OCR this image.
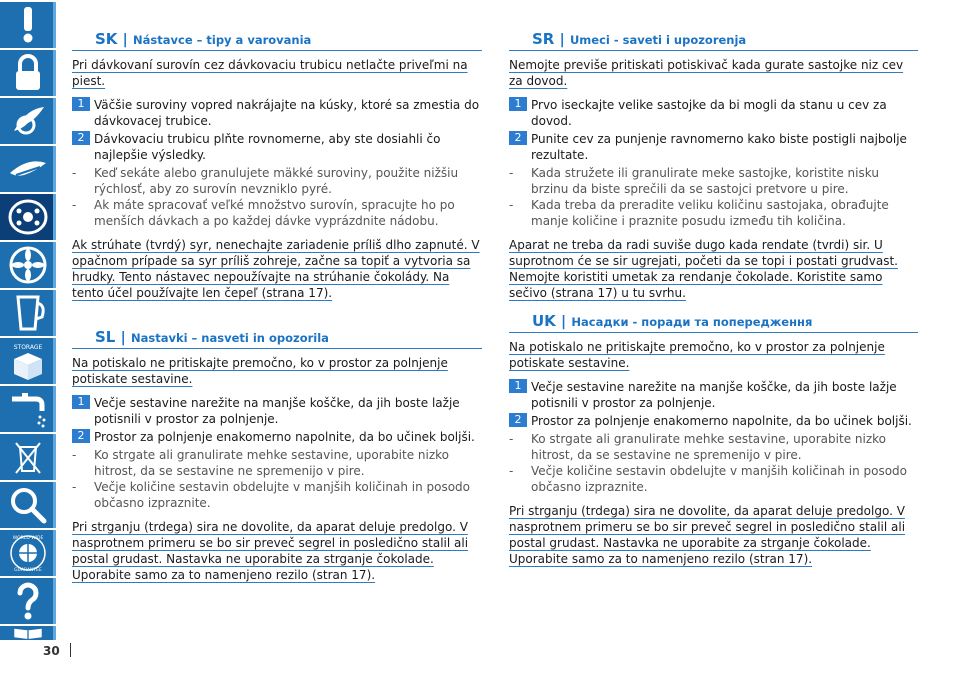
STORAGE
WORLD-WIDE
GUARANTEE
SK | Nástavce – tipy a varovania
Pri dávkovaní surovín cez dávkovaciu trubicu netlačte priveľmi na piest.
1 Väčšie suroviny vopred nakrájajte na kúsky, ktoré sa zmestia do dávkovacej trubice.
2 Dávkovaciu trubicu plňte rovnomerne, aby ste dosiahli čo najlepšie výsledky.
- Keď sekáte alebo granulujete mäkké suroviny, použite nižšiu rýchlosť, aby zo surovín nevzniklo pyré.
- Ak máte spracovať veľké množstvo surovín, spracujte ho po menších dávkach a po každej dávke vyprázdnite nádobu.
Ak strúhate (tvrdý) syr, nenechajte zariadenie príliš dlho zapnuté. V opačnom prípade sa syr príliš zohreje, začne sa topiť a vytvoria sa hrudky. Tento nástavec nepoužívajte na strúhanie čokolády. Na tento účel používajte len čepeľ (strana 17).
SL | Nastavki – nasveti in opozorila
Na potiskalo ne pritiskajte premočno, ko v prostor za polnjenje potiskate sestavine.
1 Večje sestavine narežite na manjše koščke, da jih boste lažje potisnili v prostor za polnjenje.
2 Prostor za polnjenje enakomerno napolnite, da bo učinek boljši.
- Ko strgate ali granulirate mehke sestavine, uporabite nizko hitrost, da se sestavine ne spremenijo v pire.
- Večje količine sestavin obdelujte v manjših količinah in posodo občasno izpraznite.
Pri strganju (trdega) sira ne dovolite, da aparat deluje predolgo. V nasprotnem primeru se bo sir preveč segrel in posledično stalil ali postal grudast. Nastavka ne uporabite za strganje čokolade. Uporabite samo za to namenjeno rezilo (stran 17).
SR | Umeci - saveti i upozorenja
Nemojte previše pritiskati potiskivač kada gurate sastojke niz cev za dovod.
1 Prvo iseckajte velike sastojke da bi mogli da stanu u cev za dovod.
2 Punite cev za punjenje ravnomerno kako biste postigli najbolje rezultate.
- Kada stružete ili granulirate meke sastojke, koristite nisku brzinu da biste sprečili da se sastojci pretvore u pire.
- Kada treba da preradite veliku količinu sastojaka, obrađujte manje količine i praznite posudu između tih količina.
Aparat ne treba da radi suviše dugo kada rendate (tvrdi) sir. U suprotnom će se sir ugrejati, početi da se topi i postati grudvast. Nemojte koristiti umetak za rendanje čokolade. Koristite samo sečivo (strana 17) u tu svrhu.
UK | Насадки - поради та попередження
Na potiskalo ne pritiskajte premočno, ko v prostor za polnjenje potiskate sestavine.
1 Večje sestavine narežite na manjše koščke, da jih boste lažje potisnili v prostor za polnjenje.
2 Prostor za polnjenje enakomerno napolnite, da bo učinek boljši.
- Ko strgate ali granulirate mehke sestavine, uporabite nizko hitrost, da se sestavine ne spremenijo v pire.
- Večje količine sestavin obdelujte v manjših količinah in posodo občasno izpraznite.
Pri strganju (trdega) sira ne dovolite, da aparat deluje predolgo. V nasprotnem primeru se bo sir preveč segrel in posledično stalil ali postal grudast. Nastavka ne uporabite za strganje čokolade. Uporabite samo za to namenjeno rezilo (stran 17).
30
